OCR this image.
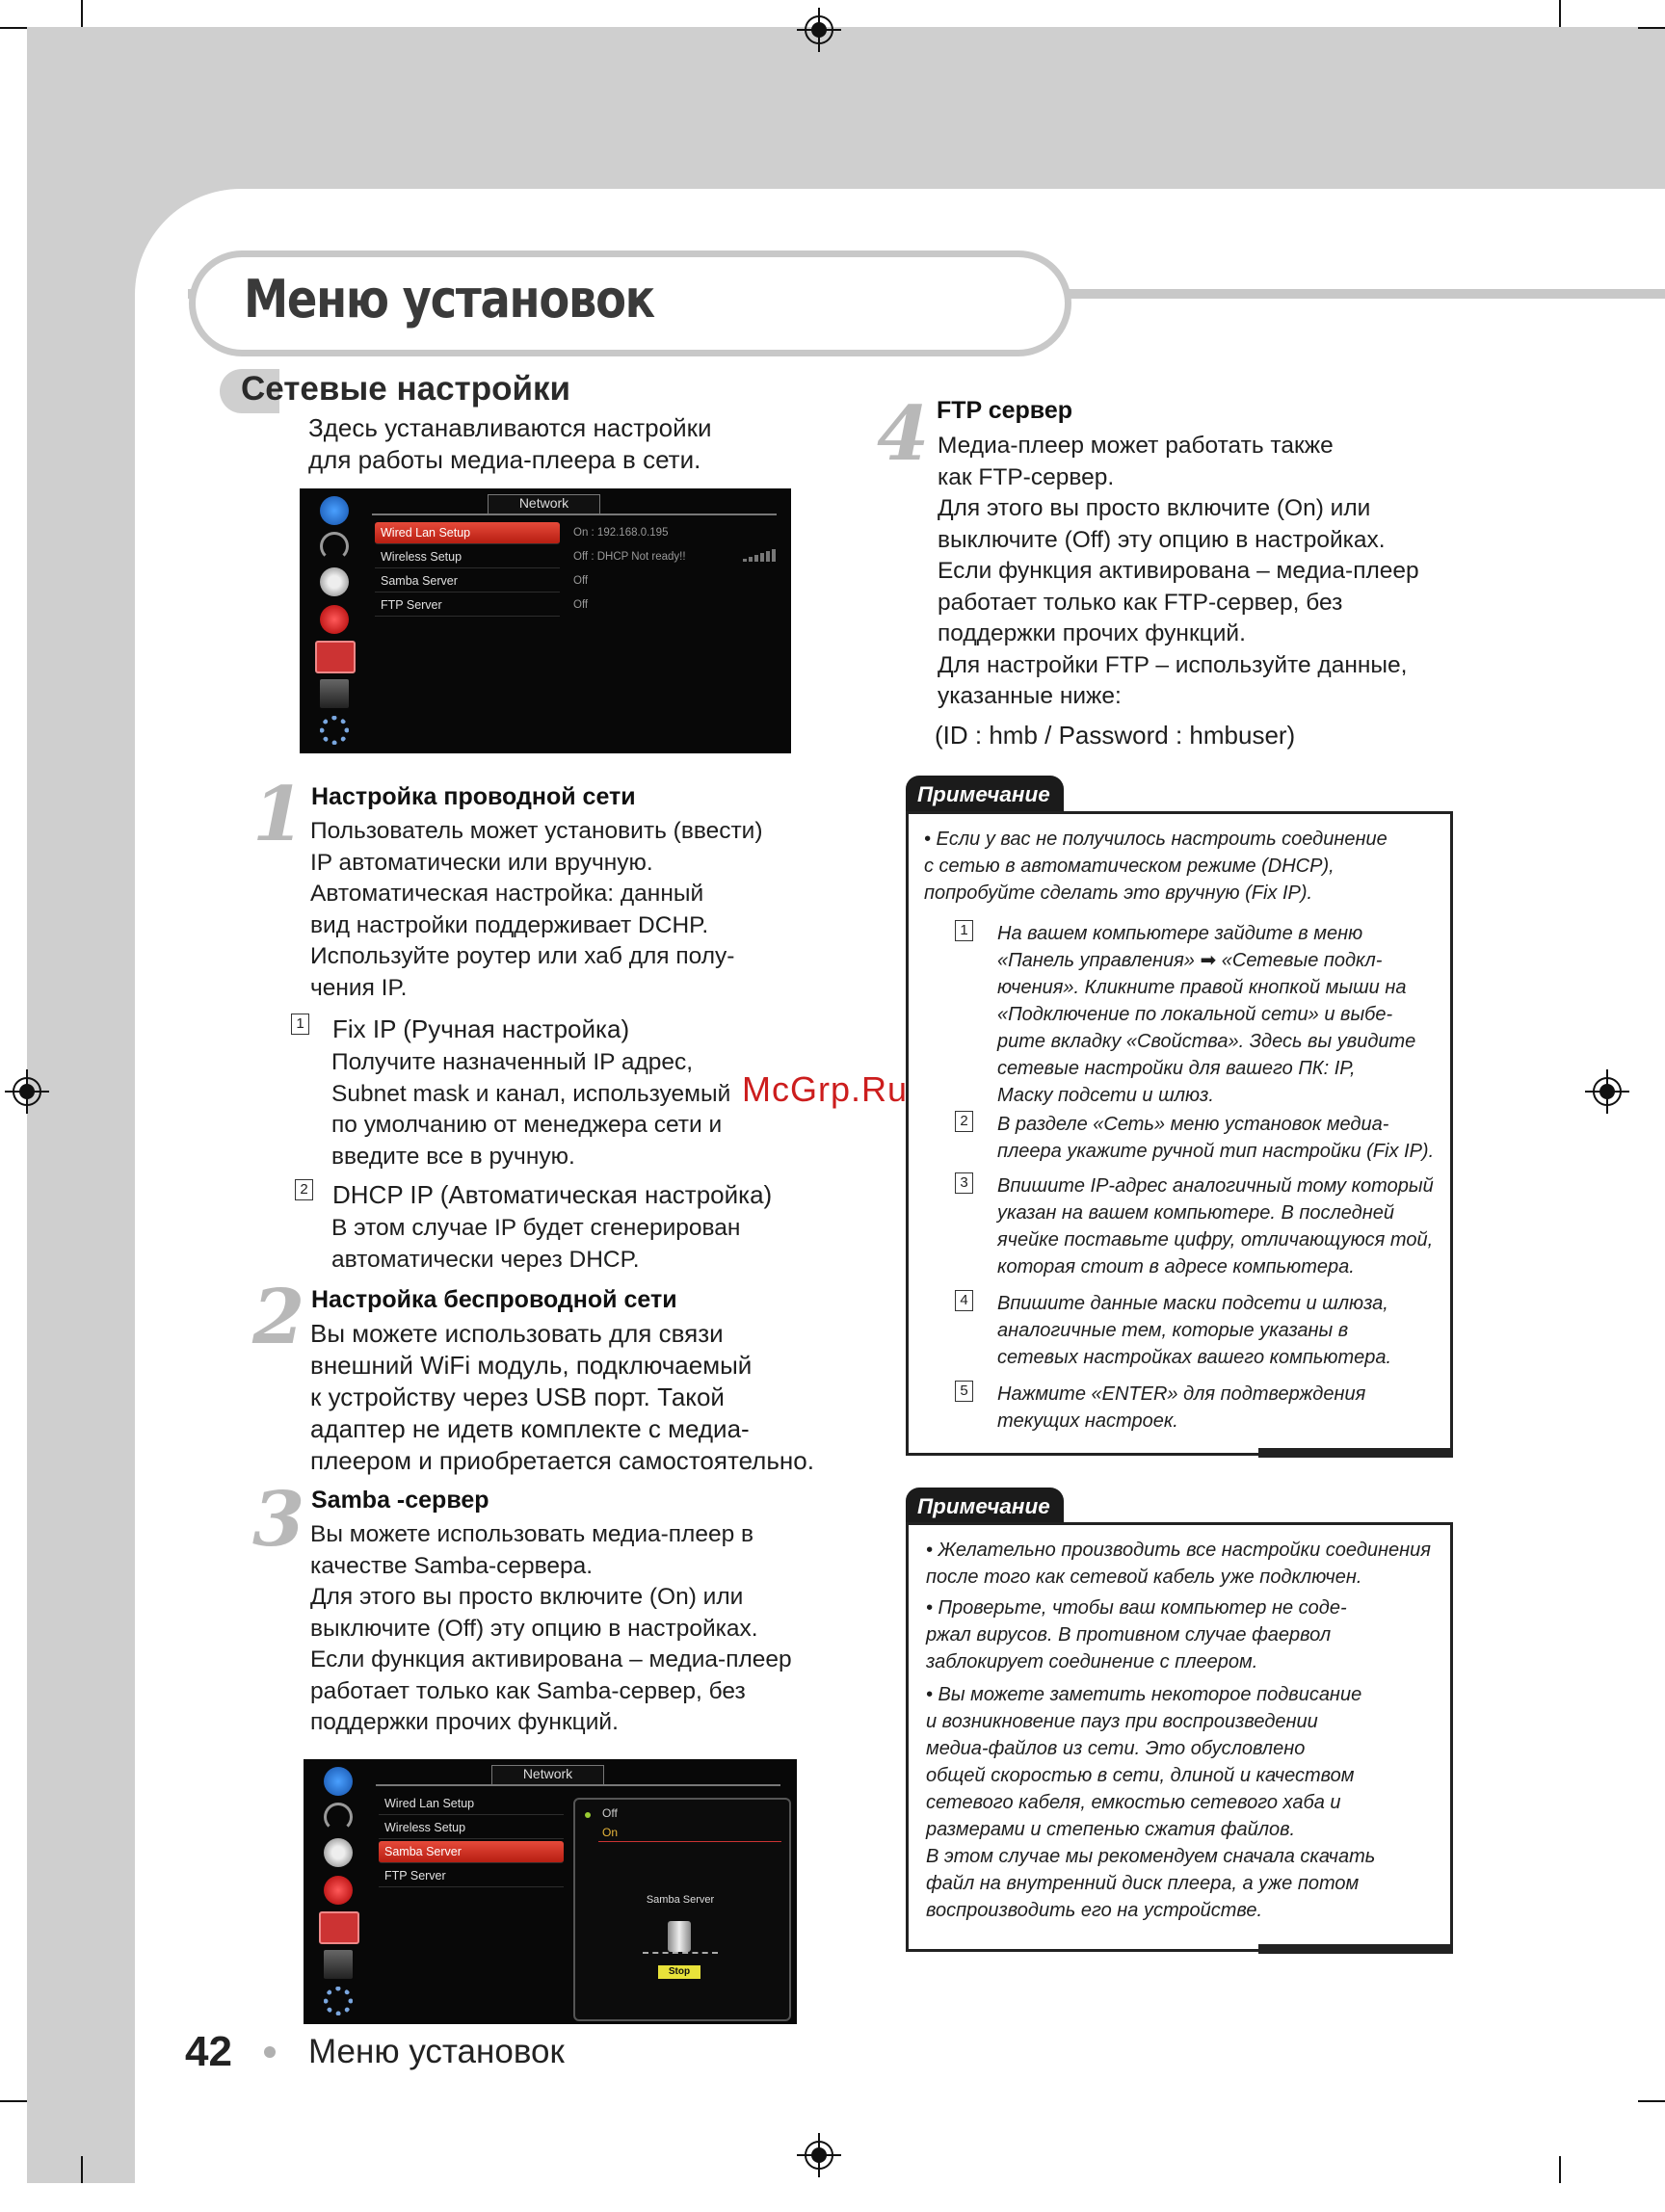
Меню установок
Сетевые настройки
Здесь устанавливаются настройки
для работы медиа-плеера в сети.
Network
Wired Lan Setup
Wireless Setup
Samba Server
FTP Server
On : 192.168.0.195
Off : DHCP Not ready!!
Off
Off
1 Настройка проводной сети
Пользователь может установить (ввести)
IP автоматически или вручную.
Автоматическая настройка: данный
вид настройки поддерживает DCHP.
Используйте роутер или хаб для полу-
чения IP.
1 Fix IP (Ручная настройка)
Получите назначенный IP адрес,
Subnet mask и канал, используемый
по умолчанию от менеджера сети и
введите все в ручную.
2 DHCP IP (Автоматическая настройка)
В этом случае IP будет сгенерирован
автоматически через DHCP.
2 Настройка беспроводной сети
Вы можете использовать для связи
внешний WiFi модуль, подключаемый
к устройству через USB порт. Такой
адаптер не идетв комплекте с медиа-
плеером и приобретается самостоятельно.
3 Samba -сервер
Вы можете использовать медиа-плеер в
качестве Samba-сервера.
Для этого вы просто включите (On) или
выключите (Off) эту опцию в настройках.
Если функция активирована – медиа-плеер
работает только как Samba-сервер, без
поддержки прочих функций.
Network
Wired Lan Setup
Wireless Setup
Samba Server
FTP Server
Off
On
Samba Server
Stop
4 FTP сервер
Медиа-плеер может работать также
как FTP-сервер.
Для этого вы просто включите (On) или
выключите (Off) эту опцию в настройках.
Если функция активирована – медиа-плеер
работает только как FTP-сервер, без
поддержки прочих функций.
Для настройки FTP – используйте данные,
указанные ниже:
(ID : hmb / Password : hmbuser)
Примечание
• Если у вас не получилось настроить соединение
с сетью в автоматическом режиме (DHCP),
попробуйте сделать это вручную (Fix IP).
1 На вашем компьютере зайдите в меню
«Панель управления» ➡ «Сетевые подкл-
ючения». Кликните правой кнопкой мыши на
«Подключение по локальной сети» и выбе-
рите вкладку «Свойства». Здесь вы увидите
сетевые настройки для вашего ПК: IP,
Маску подсети и шлюз.
2 В разделе «Сеть» меню установок медиа-
плеера укажите ручной тип настройки (Fix IP).
3 Впишите IP-адрес аналогичный тому который
указан на вашем компьютере. В последней
ячейке поставьте цифру, отличающуюся той,
которая стоит в адресе компьютера.
4 Впишите данные маски подсети и шлюза,
аналогичные тем, которые указаны в
сетевых настройках вашего компьютера.
5 Нажмите «ENTER» для подтверждения
текущих настроек.
Примечание
• Желательно производить все настройки соединения
после того как сетевой кабель уже подключен.
• Проверьте, чтобы ваш компьютер не соде-
ржал вирусов. В противном случае фаервол
заблокирует соединение с плеером.
• Вы можете заметить некоторое подвисание
и возникновение пауз при воспроизведении
медиа-файлов из сети. Это обусловлено
общей скоростью в сети, длиной и качеством
сетевого кабеля, емкостью сетевого хаба и
размерами и степенью сжатия файлов.
В этом случае мы рекомендуем сначала скачать
файл на внутренний диск плеера, а уже потом
воспроизводить его на устройстве.
McGrp.Ru
42 Меню установок
